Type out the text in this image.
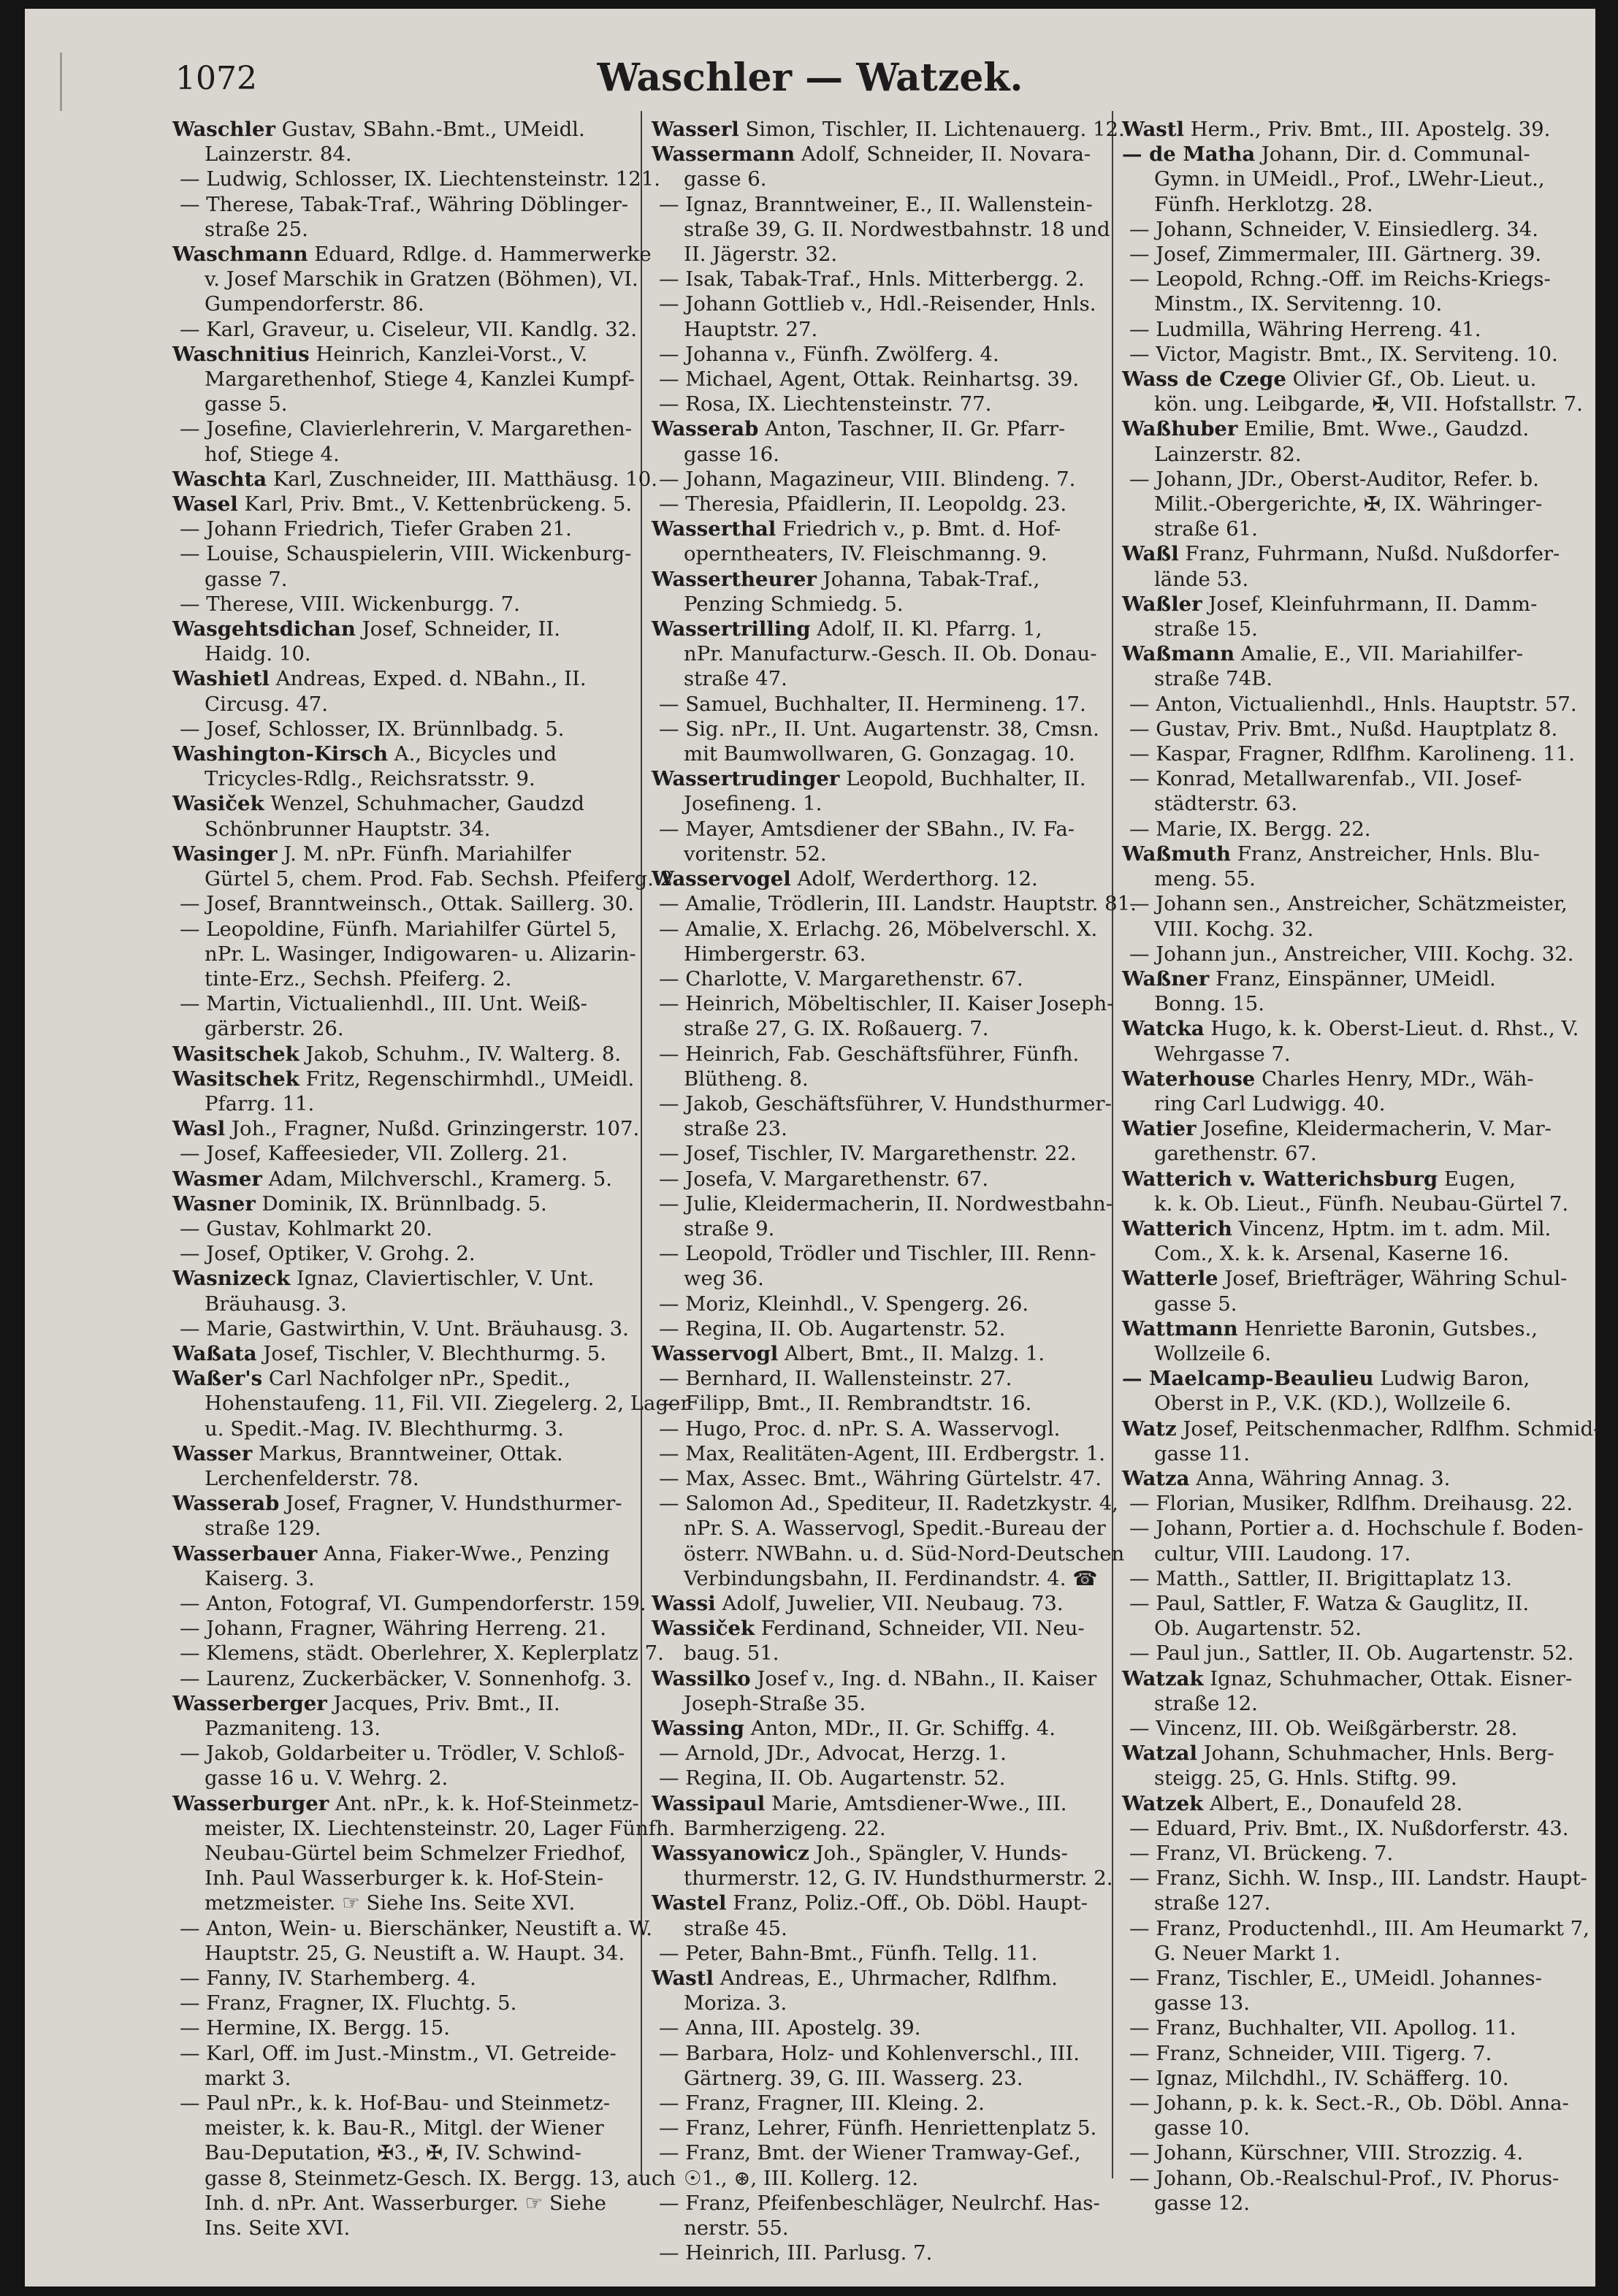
1072	Waschler — Watzek.
Waschler Gustav, SBahn.-Bmt., UMeidl.
Lainzerstr. 84.
— Ludwig, Schlosser, IX. Liechtensteinstr. 121.
— Therese, Tabak-Traf., Währing Döblinger-
straße 25.
Waschmann Eduard, Rdlge. d. Hammerwerke
v. Josef Marschik in Gratzen (Böhmen), VI.
Gumpendorferstr. 86.
— Karl, Graveur, u. Ciseleur, VII. Kandlg. 32.
Waschnitius Heinrich, Kanzlei-Vorst., V.
Margarethenhof, Stiege 4, Kanzlei Kumpf-
gasse 5.
— Josefine, Clavierlehrerin, V. Margarethen-
hof, Stiege 4.
Waschta Karl, Zuschneider, III. Matthäusg. 10.
Wasel Karl, Priv. Bmt., V. Kettenbrückeng. 5.
— Johann Friedrich, Tiefer Graben 21.
— Louise, Schauspielerin, VIII. Wickenburg-
gasse 7.
— Therese, VIII. Wickenburgg. 7.
Wasgehtsdichan Josef, Schneider, II.
Haidg. 10.
Washietl Andreas, Exped. d. NBahn., II.
Circusg. 47.
— Josef, Schlosser, IX. Brünnlbadg. 5.
Washington-Kirsch A., Bicycles und
Tricycles-Rdlg., Reichsratsstr. 9.
Wasiček Wenzel, Schuhmacher, Gaudzd
Schönbrunner Hauptstr. 34.
Wasinger J. M. nPr. Fünfh. Mariahilfer
Gürtel 5, chem. Prod. Fab. Sechsh. Pfeiferg. 2.
— Josef, Branntweinsch., Ottak. Saillerg. 30.
— Leopoldine, Fünfh. Mariahilfer Gürtel 5,
nPr. L. Wasinger, Indigowaren- u. Alizarin-
tinte-Erz., Sechsh. Pfeiferg. 2.
— Martin, Victualienhdl., III. Unt. Weiß-
gärberstr. 26.
Wasitschek Jakob, Schuhm., IV. Walterg. 8.
Wasitschek Fritz, Regenschirmhdl., UMeidl.
Pfarrg. 11.
Wasl Joh., Fragner, Nußd. Grinzingerstr. 107.
— Josef, Kaffeesieder, VII. Zollerg. 21.
Wasmer Adam, Milchverschl., Kramerg. 5.
Wasner Dominik, IX. Brünnlbadg. 5.
— Gustav, Kohlmarkt 20.
— Josef, Optiker, V. Grohg. 2.
Wasnizeck Ignaz, Claviertischler, V. Unt.
Bräuhausg. 3.
— Marie, Gastwirthin, V. Unt. Bräuhausg. 3.
Waßata Josef, Tischler, V. Blechthurmg. 5.
Waßer's Carl Nachfolger nPr., Spedit.,
Hohenstaufeng. 11, Fil. VII. Ziegelerg. 2, Lager
u. Spedit.-Mag. IV. Blechthurmg. 3.
Wasser Markus, Branntweiner, Ottak.
Lerchenfelderstr. 78.
Wasserab Josef, Fragner, V. Hundsthurmer-
straße 129.
Wasserbauer Anna, Fiaker-Wwe., Penzing
Kaiserg. 3.
— Anton, Fotograf, VI. Gumpendorferstr. 159.
— Johann, Fragner, Währing Herreng. 21.
— Klemens, städt. Oberlehrer, X. Keplerplatz 7.
— Laurenz, Zuckerbäcker, V. Sonnenhofg. 3.
Wasserberger Jacques, Priv. Bmt., II.
Pazmaniteng. 13.
— Jakob, Goldarbeiter u. Trödler, V. Schloß-
gasse 16 u. V. Wehrg. 2.
Wasserburger Ant. nPr., k. k. Hof-Steinmetz-
meister, IX. Liechtensteinstr. 20, Lager Fünfh.
Neubau-Gürtel beim Schmelzer Friedhof,
Inh. Paul Wasserburger k. k. Hof-Stein-
metzmeister. ☞ Siehe Ins. Seite XVI.
— Anton, Wein- u. Bierschänker, Neustift a. W.
Hauptstr. 25, G. Neustift a. W. Haupt. 34.
— Fanny, IV. Starhemberg. 4.
— Franz, Fragner, IX. Fluchtg. 5.
— Hermine, IX. Bergg. 15.
— Karl, Off. im Just.-Minstm., VI. Getreide-
markt 3.
— Paul nPr., k. k. Hof-Bau- und Steinmetz-
meister, k. k. Bau-R., Mitgl. der Wiener
Bau-Deputation, ✠3., ✠, IV. Schwind-
gasse 8, Steinmetz-Gesch. IX. Bergg. 13, auch
Inh. d. nPr. Ant. Wasserburger. ☞ Siehe
Ins. Seite XVI.
Wasserl Simon, Tischler, II. Lichtenauerg. 12.
Wassermann Adolf, Schneider, II. Novara-
gasse 6.
— Ignaz, Branntweiner, E., II. Wallenstein-
straße 39, G. II. Nordwestbahnstr. 18 und
II. Jägerstr. 32.
— Isak, Tabak-Traf., Hnls. Mitterbergg. 2.
— Johann Gottlieb v., Hdl.-Reisender, Hnls.
Hauptstr. 27.
— Johanna v., Fünfh. Zwölferg. 4.
— Michael, Agent, Ottak. Reinhartsg. 39.
— Rosa, IX. Liechtensteinstr. 77.
Wasserab Anton, Taschner, II. Gr. Pfarr-
gasse 16.
— Johann, Magazineur, VIII. Blindeng. 7.
— Theresia, Pfaidlerin, II. Leopoldg. 23.
Wasserthal Friedrich v., p. Bmt. d. Hof-
operntheaters, IV. Fleischmanng. 9.
Wassertheurer Johanna, Tabak-Traf.,
Penzing Schmiedg. 5.
Wassertrilling Adolf, II. Kl. Pfarrg. 1,
nPr. Manufacturw.-Gesch. II. Ob. Donau-
straße 47.
— Samuel, Buchhalter, II. Hermineng. 17.
— Sig. nPr., II. Unt. Augartenstr. 38, Cmsn.
mit Baumwollwaren, G. Gonzagag. 10.
Wassertrudinger Leopold, Buchhalter, II.
Josefineng. 1.
— Mayer, Amtsdiener der SBahn., IV. Fa-
voritenstr. 52.
Wasservogel Adolf, Werderthorg. 12.
— Amalie, Trödlerin, III. Landstr. Hauptstr. 81.
— Amalie, X. Erlachg. 26, Möbelverschl. X.
Himbergerstr. 63.
— Charlotte, V. Margarethenstr. 67.
— Heinrich, Möbeltischler, II. Kaiser Joseph-
straße 27, G. IX. Roßauerg. 7.
— Heinrich, Fab. Geschäftsführer, Fünfh.
Blütheng. 8.
— Jakob, Geschäftsführer, V. Hundsthurmer-
straße 23.
— Josef, Tischler, IV. Margarethenstr. 22.
— Josefa, V. Margarethenstr. 67.
— Julie, Kleidermacherin, II. Nordwestbahn-
straße 9.
— Leopold, Trödler und Tischler, III. Renn-
weg 36.
— Moriz, Kleinhdl., V. Spengerg. 26.
— Regina, II. Ob. Augartenstr. 52.
Wasservogl Albert, Bmt., II. Malzg. 1.
— Bernhard, II. Wallensteinstr. 27.
— Filipp, Bmt., II. Rembrandtstr. 16.
— Hugo, Proc. d. nPr. S. A. Wasservogl.
— Max, Realitäten-Agent, III. Erdbergstr. 1.
— Max, Assec. Bmt., Währing Gürtelstr. 47.
— Salomon Ad., Spediteur, II. Radetzkystr. 4,
nPr. S. A. Wasservogl, Spedit.-Bureau der
österr. NWBahn. u. d. Süd-Nord-Deutschen
Verbindungsbahn, II. Ferdinandstr. 4. ☎
Wassi Adolf, Juwelier, VII. Neubaug. 73.
Wassiček Ferdinand, Schneider, VII. Neu-
baug. 51.
Wassilko Josef v., Ing. d. NBahn., II. Kaiser
Joseph-Straße 35.
Wassing Anton, MDr., II. Gr. Schiffg. 4.
— Arnold, JDr., Advocat, Herzg. 1.
— Regina, II. Ob. Augartenstr. 52.
Wassipaul Marie, Amtsdiener-Wwe., III.
Barmherzigeng. 22.
Wassyanowicz Joh., Spängler, V. Hunds-
thurmerstr. 12, G. IV. Hundsthurmerstr. 2.
Wastel Franz, Poliz.-Off., Ob. Döbl. Haupt-
straße 45.
— Peter, Bahn-Bmt., Fünfh. Tellg. 11.
Wastl Andreas, E., Uhrmacher, Rdlfhm.
Moriza. 3.
— Anna, III. Apostelg. 39.
— Barbara, Holz- und Kohlenverschl., III.
Gärtnerg. 39, G. III. Wasserg. 23.
— Franz, Fragner, III. Kleing. 2.
— Franz, Lehrer, Fünfh. Henriettenplatz 5.
— Franz, Bmt. der Wiener Tramway-Gef.,
☉1., ⊛, III. Kollerg. 12.
— Franz, Pfeifenbeschläger, Neulrchf. Has-
nerstr. 55.
— Heinrich, III. Parlusg. 7.
Wastl Herm., Priv. Bmt., III. Apostelg. 39.
— de Matha Johann, Dir. d. Communal-
Gymn. in UMeidl., Prof., LWehr-Lieut.,
Fünfh. Herklotzg. 28.
— Johann, Schneider, V. Einsiedlerg. 34.
— Josef, Zimmermaler, III. Gärtnerg. 39.
— Leopold, Rchng.-Off. im Reichs-Kriegs-
Minstm., IX. Servitenng. 10.
— Ludmilla, Währing Herreng. 41.
— Victor, Magistr. Bmt., IX. Serviteng. 10.
Wass de Czege Olivier Gf., Ob. Lieut. u.
kön. ung. Leibgarde, ✠, VII. Hofstallstr. 7.
Waßhuber Emilie, Bmt. Wwe., Gaudzd.
Lainzerstr. 82.
— Johann, JDr., Oberst-Auditor, Refer. b.
Milit.-Obergerichte, ✠, IX. Währinger-
straße 61.
Waßl Franz, Fuhrmann, Nußd. Nußdorfer-
lände 53.
Waßler Josef, Kleinfuhrmann, II. Damm-
straße 15.
Waßmann Amalie, E., VII. Mariahilfer-
straße 74B.
— Anton, Victualienhdl., Hnls. Hauptstr. 57.
— Gustav, Priv. Bmt., Nußd. Hauptplatz 8.
— Kaspar, Fragner, Rdlfhm. Karolineng. 11.
— Konrad, Metallwarenfab., VII. Josef-
städterstr. 63.
— Marie, IX. Bergg. 22.
Waßmuth Franz, Anstreicher, Hnls. Blu-
meng. 55.
— Johann sen., Anstreicher, Schätzmeister,
VIII. Kochg. 32.
— Johann jun., Anstreicher, VIII. Kochg. 32.
Waßner Franz, Einspänner, UMeidl.
Bonng. 15.
Watcka Hugo, k. k. Oberst-Lieut. d. Rhst., V.
Wehrgasse 7.
Waterhouse Charles Henry, MDr., Wäh-
ring Carl Ludwigg. 40.
Watier Josefine, Kleidermacherin, V. Mar-
garethenstr. 67.
Watterich v. Watterichsburg Eugen,
k. k. Ob. Lieut., Fünfh. Neubau-Gürtel 7.
Watterich Vincenz, Hptm. im t. adm. Mil.
Com., X. k. k. Arsenal, Kaserne 16.
Watterle Josef, Briefträger, Währing Schul-
gasse 5.
Wattmann Henriette Baronin, Gutsbes.,
Wollzeile 6.
— Maelcamp-Beaulieu Ludwig Baron,
Oberst in P., V.K. (KD.), Wollzeile 6.
Watz Josef, Peitschenmacher, Rdlfhm. Schmid-
gasse 11.
Watza Anna, Währing Annag. 3.
— Florian, Musiker, Rdlfhm. Dreihausg. 22.
— Johann, Portier a. d. Hochschule f. Boden-
cultur, VIII. Laudong. 17.
— Matth., Sattler, II. Brigittaplatz 13.
— Paul, Sattler, F. Watza & Gauglitz, II.
Ob. Augartenstr. 52.
— Paul jun., Sattler, II. Ob. Augartenstr. 52.
Watzak Ignaz, Schuhmacher, Ottak. Eisner-
straße 12.
— Vincenz, III. Ob. Weißgärberstr. 28.
Watzal Johann, Schuhmacher, Hnls. Berg-
steigg. 25, G. Hnls. Stiftg. 99.
Watzek Albert, E., Donaufeld 28.
— Eduard, Priv. Bmt., IX. Nußdorferstr. 43.
— Franz, VI. Brückeng. 7.
— Franz, Sichh. W. Insp., III. Landstr. Haupt-
straße 127.
— Franz, Productenhdl., III. Am Heumarkt 7,
G. Neuer Markt 1.
— Franz, Tischler, E., UMeidl. Johannes-
gasse 13.
— Franz, Buchhalter, VII. Apollog. 11.
— Franz, Schneider, VIII. Tigerg. 7.
— Ignaz, Milchdhl., IV. Schäfferg. 10.
— Johann, p. k. k. Sect.-R., Ob. Döbl. Anna-
gasse 10.
— Johann, Kürschner, VIII. Strozzig. 4.
— Johann, Ob.-Realschul-Prof., IV. Phorus-
gasse 12.
